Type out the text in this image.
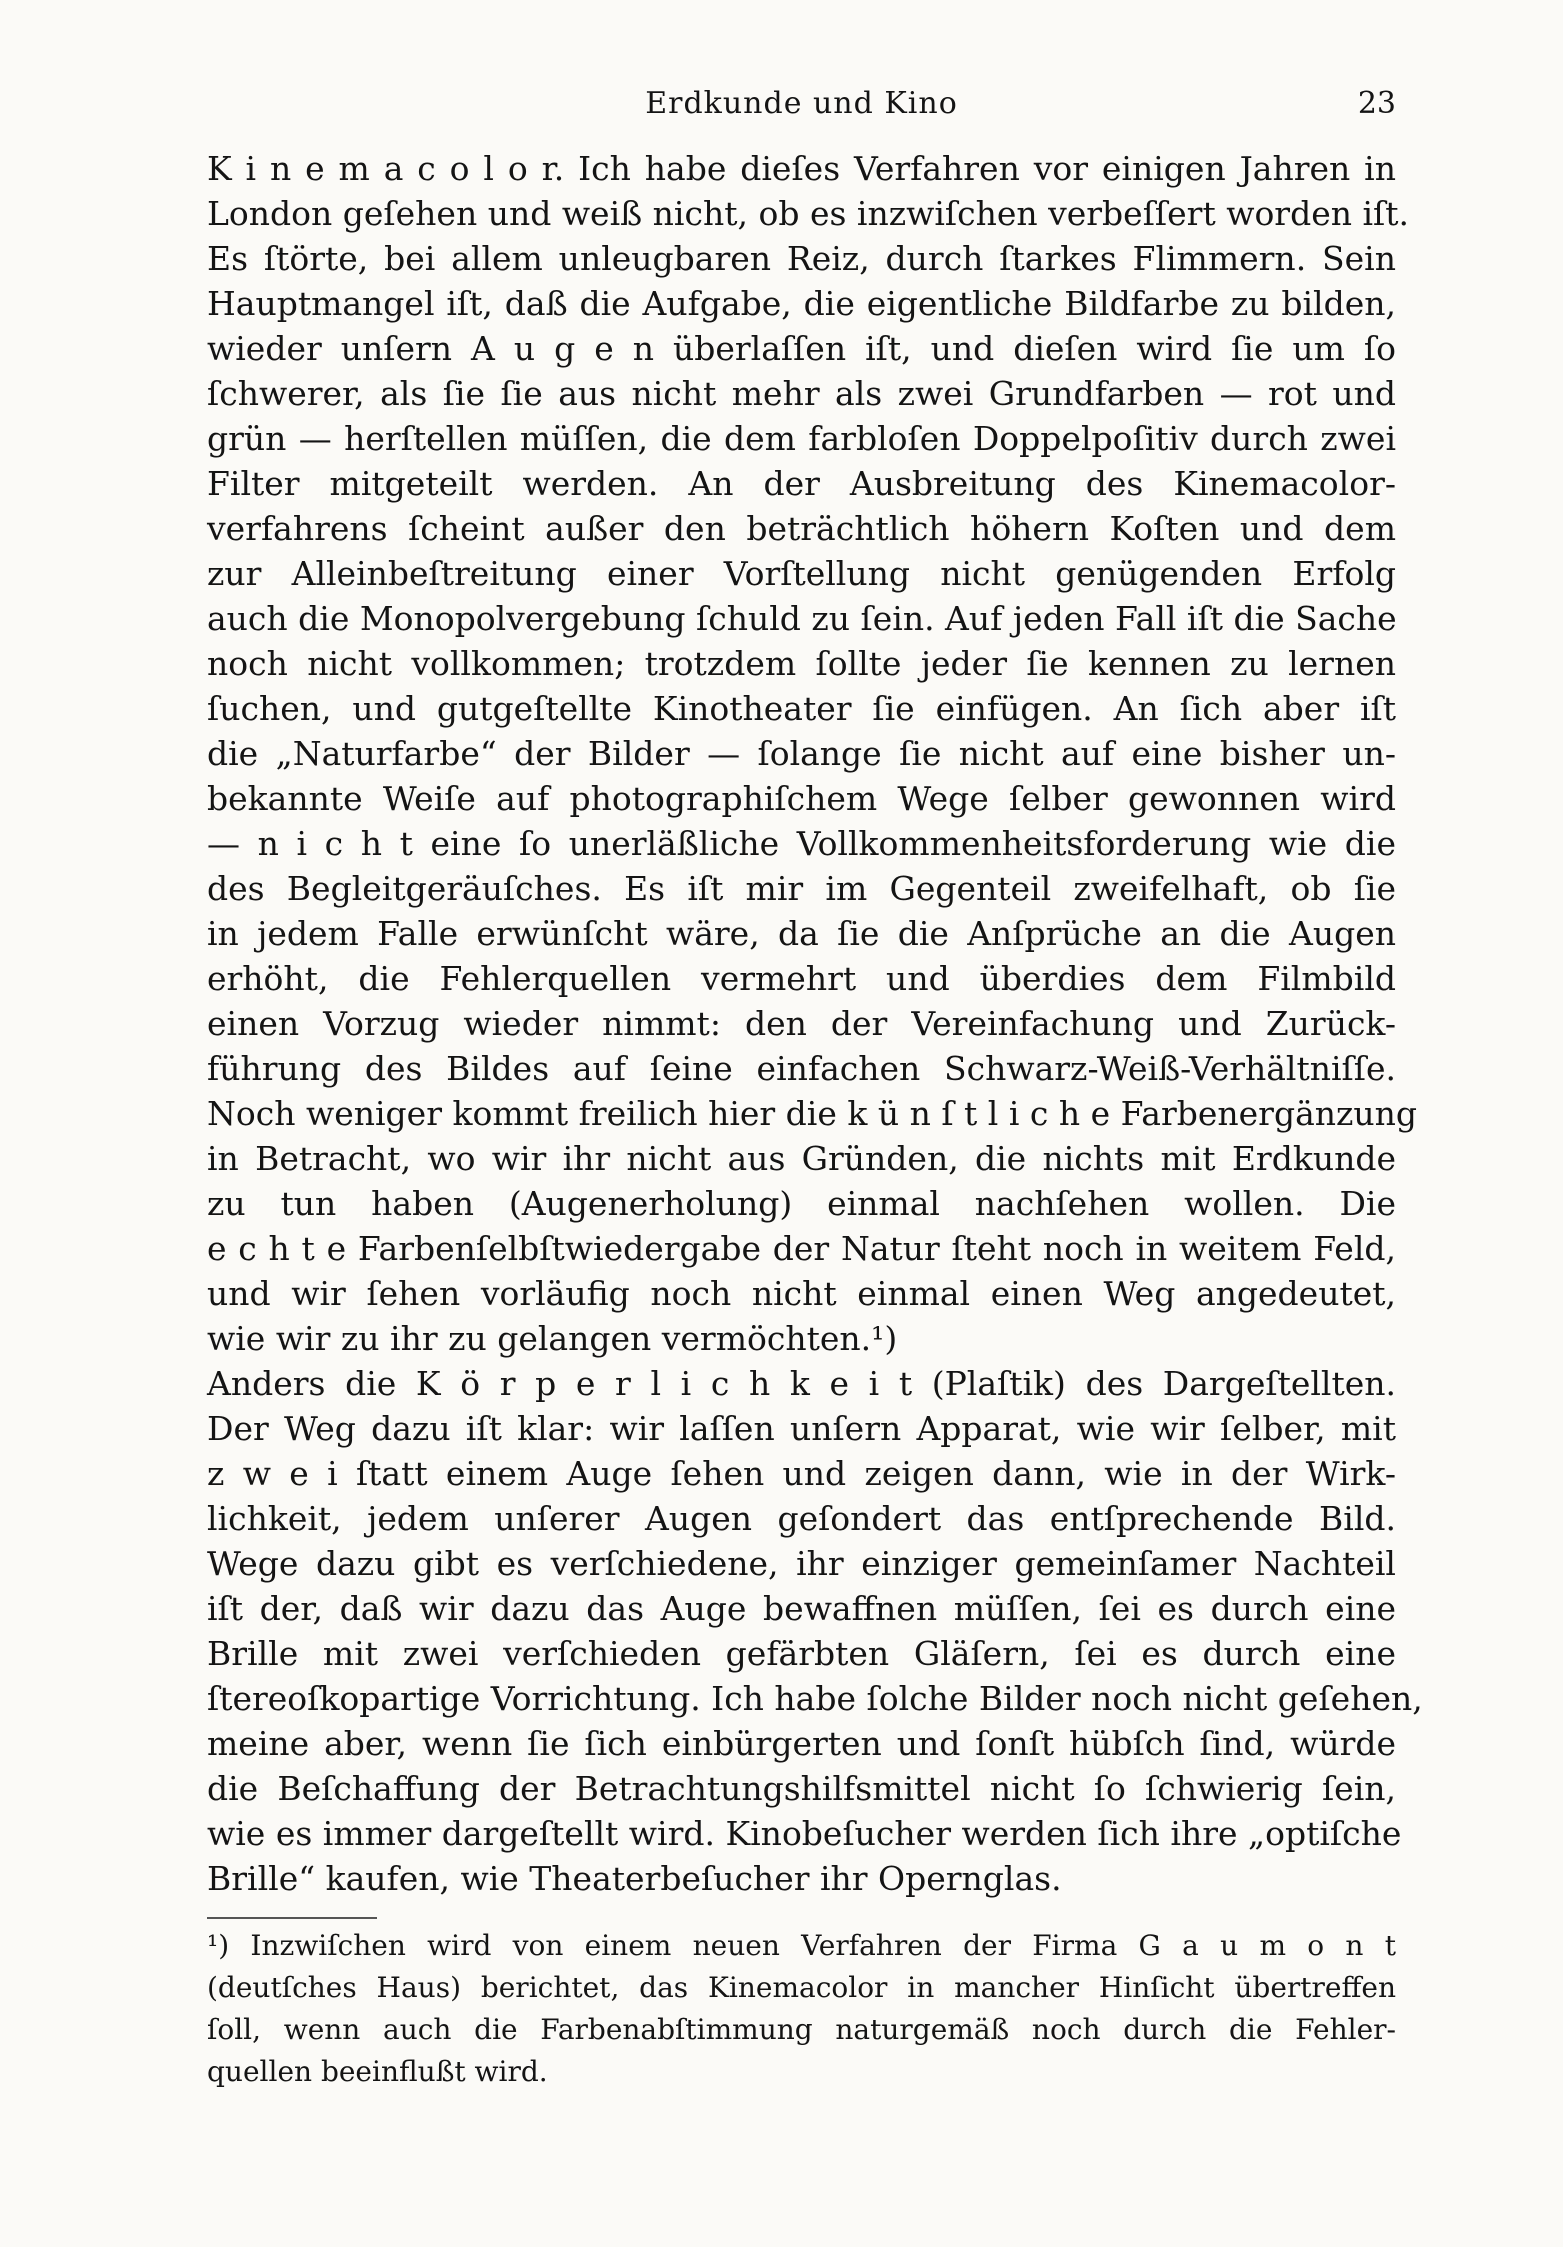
Erdkunde und Kino	23
K i n e m a c o l o r. Ich habe dieſes Verfahren vor einigen Jahren in
London geſehen und weiß nicht, ob es inzwiſchen verbeſſert worden iſt.
Es ſtörte, bei allem unleugbaren Reiz, durch ſtarkes Flimmern. Sein
Hauptmangel iſt, daß die Aufgabe, die eigentliche Bildfarbe zu bilden,
wieder unſern A u g e n überlaſſen iſt, und dieſen wird ſie um ſo
ſchwerer, als ſie ſie aus nicht mehr als zwei Grundfarben — rot und
grün — herſtellen müſſen, die dem farbloſen Doppelpoſitiv durch zwei
Filter mitgeteilt werden. An der Ausbreitung des Kinemacolor-
verfahrens ſcheint außer den beträchtlich höhern Koſten und dem
zur Alleinbeſtreitung einer Vorſtellung nicht genügenden Erfolg
auch die Monopolvergebung ſchuld zu ſein. Auf jeden Fall iſt die Sache
noch nicht vollkommen; trotzdem ſollte jeder ſie kennen zu lernen
ſuchen, und gutgeſtellte Kinotheater ſie einfügen. An ſich aber iſt
die „Naturfarbe“ der Bilder — ſolange ſie nicht auf eine bisher un-
bekannte Weiſe auf photographiſchem Wege ſelber gewonnen wird
— n i c h t eine ſo unerläßliche Vollkommenheitsforderung wie die
des Begleitgeräuſches. Es iſt mir im Gegenteil zweifelhaft, ob ſie
in jedem Falle erwünſcht wäre, da ſie die Anſprüche an die Augen
erhöht, die Fehlerquellen vermehrt und überdies dem Filmbild
einen Vorzug wieder nimmt: den der Vereinfachung und Zurück-
führung des Bildes auf ſeine einfachen Schwarz-Weiß-Verhältniſſe.
Noch weniger kommt freilich hier die k ü n ſ t l i c h e Farbenergänzung
in Betracht, wo wir ihr nicht aus Gründen, die nichts mit Erdkunde
zu tun haben (Augenerholung) einmal nachſehen wollen. Die
e c h t e Farbenſelbſtwiedergabe der Natur ſteht noch in weitem Feld,
und wir ſehen vorläufig noch nicht einmal einen Weg angedeutet,
wie wir zu ihr zu gelangen vermöchten.¹)
Anders die K ö r p e r l i c h k e i t (Plaſtik) des Dargeſtellten.
Der Weg dazu iſt klar: wir laſſen unſern Apparat, wie wir ſelber, mit
z w e i ſtatt einem Auge ſehen und zeigen dann, wie in der Wirk-
lichkeit, jedem unſerer Augen geſondert das entſprechende Bild.
Wege dazu gibt es verſchiedene, ihr einziger gemeinſamer Nachteil
iſt der, daß wir dazu das Auge bewaffnen müſſen, ſei es durch eine
Brille mit zwei verſchieden gefärbten Gläſern, ſei es durch eine
ſtereoſkopartige Vorrichtung. Ich habe ſolche Bilder noch nicht geſehen,
meine aber, wenn ſie ſich einbürgerten und ſonſt hübſch ſind, würde
die Beſchaffung der Betrachtungshilfsmittel nicht ſo ſchwierig ſein,
wie es immer dargeſtellt wird. Kinobeſucher werden ſich ihre „optiſche
Brille“ kaufen, wie Theaterbeſucher ihr Opernglas.
¹) Inzwiſchen wird von einem neuen Verfahren der Firma G a u m o n t
(deutſches Haus) berichtet, das Kinemacolor in mancher Hinſicht übertreffen
ſoll, wenn auch die Farbenabſtimmung naturgemäß noch durch die Fehler-
quellen beeinflußt wird.
